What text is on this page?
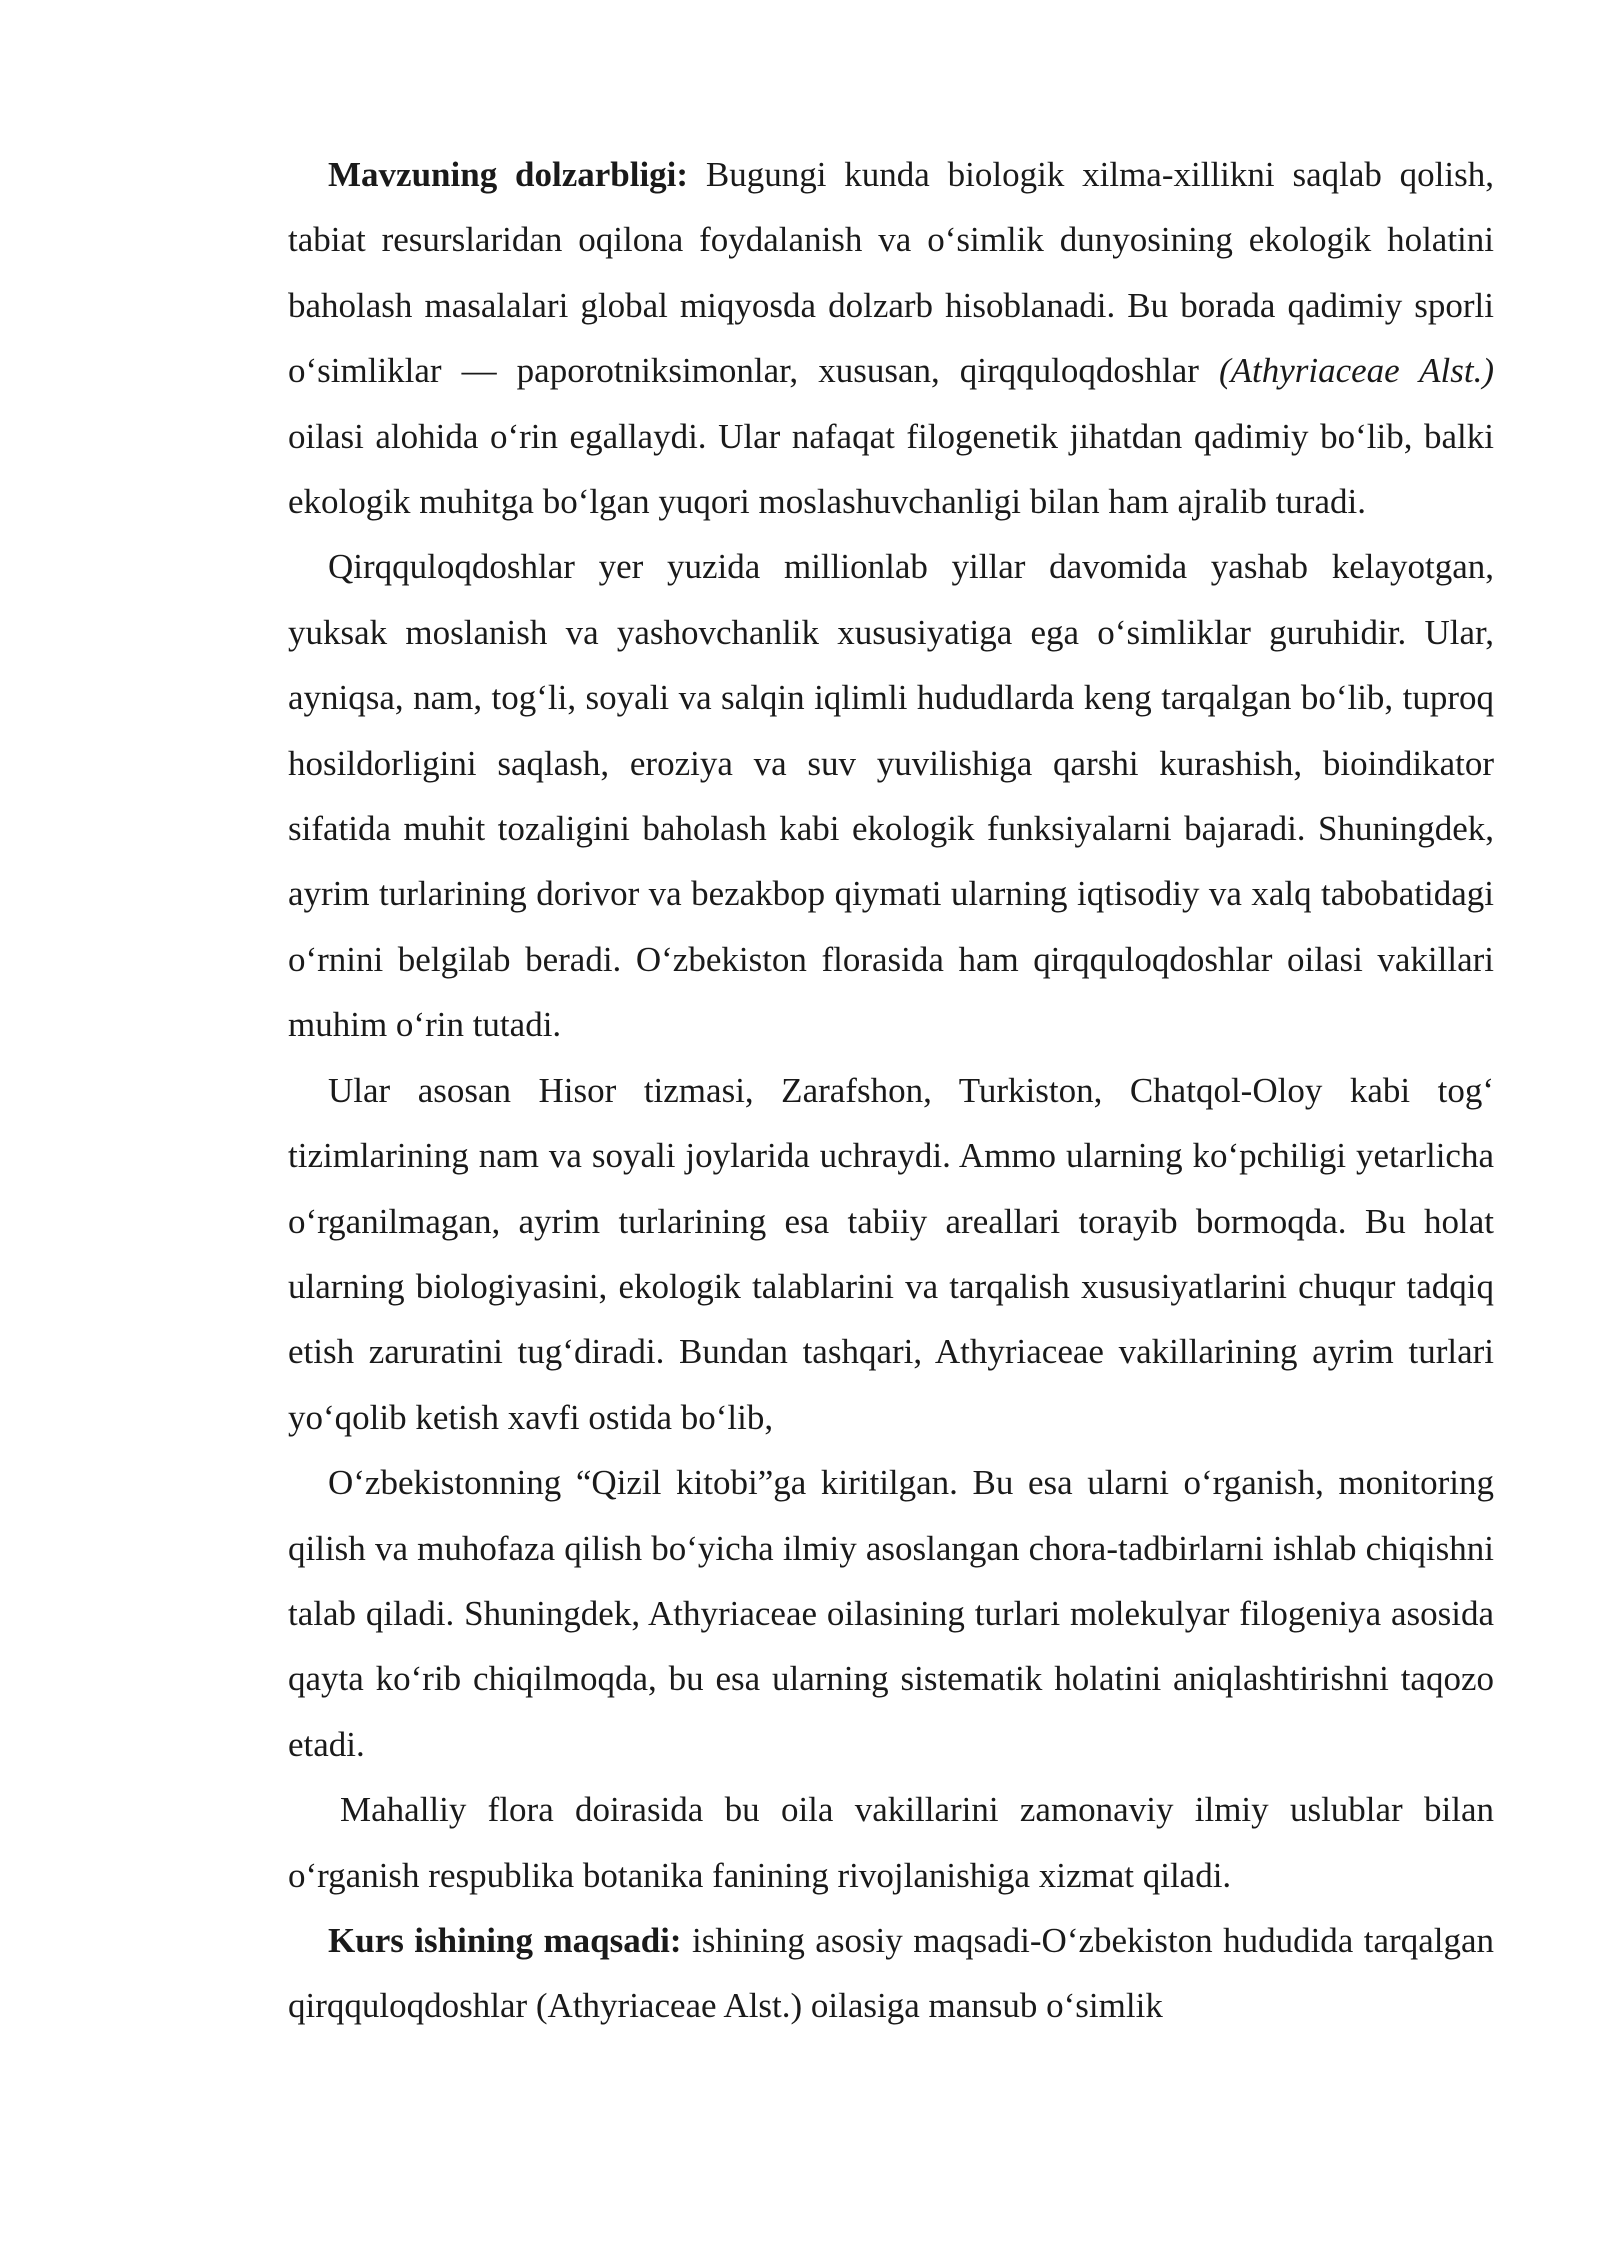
Mavzuning dolzarbligi: Bugungi kunda biologik xilma-xillikni saqlab qolish, tabiat resurslaridan oqilona foydalanish va o‘simlik dunyosining ekologik holatini baholash masalalari global miqyosda dolzarb hisoblanadi. Bu borada qadimiy sporli o‘simliklar — paporotniksimonlar, xususan, qirqquloqdoshlar (Athyriaceae Alst.) oilasi alohida o‘rin egallaydi. Ular nafaqat filogenetik jihatdan qadimiy bo‘lib, balki ekologik muhitga bo‘lgan yuqori moslashuvchanligi bilan ham ajralib turadi.

Qirqquloqdoshlar yer yuzida millionlab yillar davomida yashab kelayotgan, yuksak moslanish va yashovchanlik xususiyatiga ega o‘simliklar guruhidir. Ular, ayniqsa, nam, tog‘li, soyali va salqin iqlimli hududlarda keng tarqalgan bo‘lib, tuproq hosildorligini saqlash, eroziya va suv yuvilishiga qarshi kurashish, bioindikator sifatida muhit tozaligini baholash kabi ekologik funksiyalarni bajaradi. Shuningdek, ayrim turlarining dorivor va bezakbop qiymati ularning iqtisodiy va xalq tabobatidagi o‘rnini belgilab beradi. O‘zbekiston florasida ham qirqquloqdoshlar oilasi vakillari muhim o‘rin tutadi.

Ular asosan Hisor tizmasi, Zarafshon, Turkiston, Chatqol-Oloy kabi tog‘ tizimlarining nam va soyali joylarida uchraydi. Ammo ularning ko‘pchiligi yetarlicha o‘rganilmagan, ayrim turlarining esa tabiiy areallari torayib bormoqda. Bu holat ularning biologiyasini, ekologik talablarini va tarqalish xususiyatlarini chuqur tadqiq etish zaruratini tug‘diradi. Bundan tashqari, Athyriaceae vakillarining ayrim turlari yo‘qolib ketish xavfi ostida bo‘lib,

O‘zbekistonning “Qizil kitobi”ga kiritilgan. Bu esa ularni o‘rganish, monitoring qilish va muhofaza qilish bo‘yicha ilmiy asoslangan chora-tadbirlarni ishlab chiqishni talab qiladi. Shuningdek, Athyriaceae oilasining turlari molekulyar filogeniya asosida qayta ko‘rib chiqilmoqda, bu esa ularning sistematik holatini aniqlashtirishni taqozo etadi.

Mahalliy flora doirasida bu oila vakillarini zamonaviy ilmiy uslublar bilan o‘rganish respublika botanika fanining rivojlanishiga xizmat qiladi.

Kurs ishining maqsadi: ishining asosiy maqsadi-O‘zbekiston hududida tarqalgan qirqquloqdoshlar (Athyriaceae Alst.) oilasiga mansub o‘simlik
